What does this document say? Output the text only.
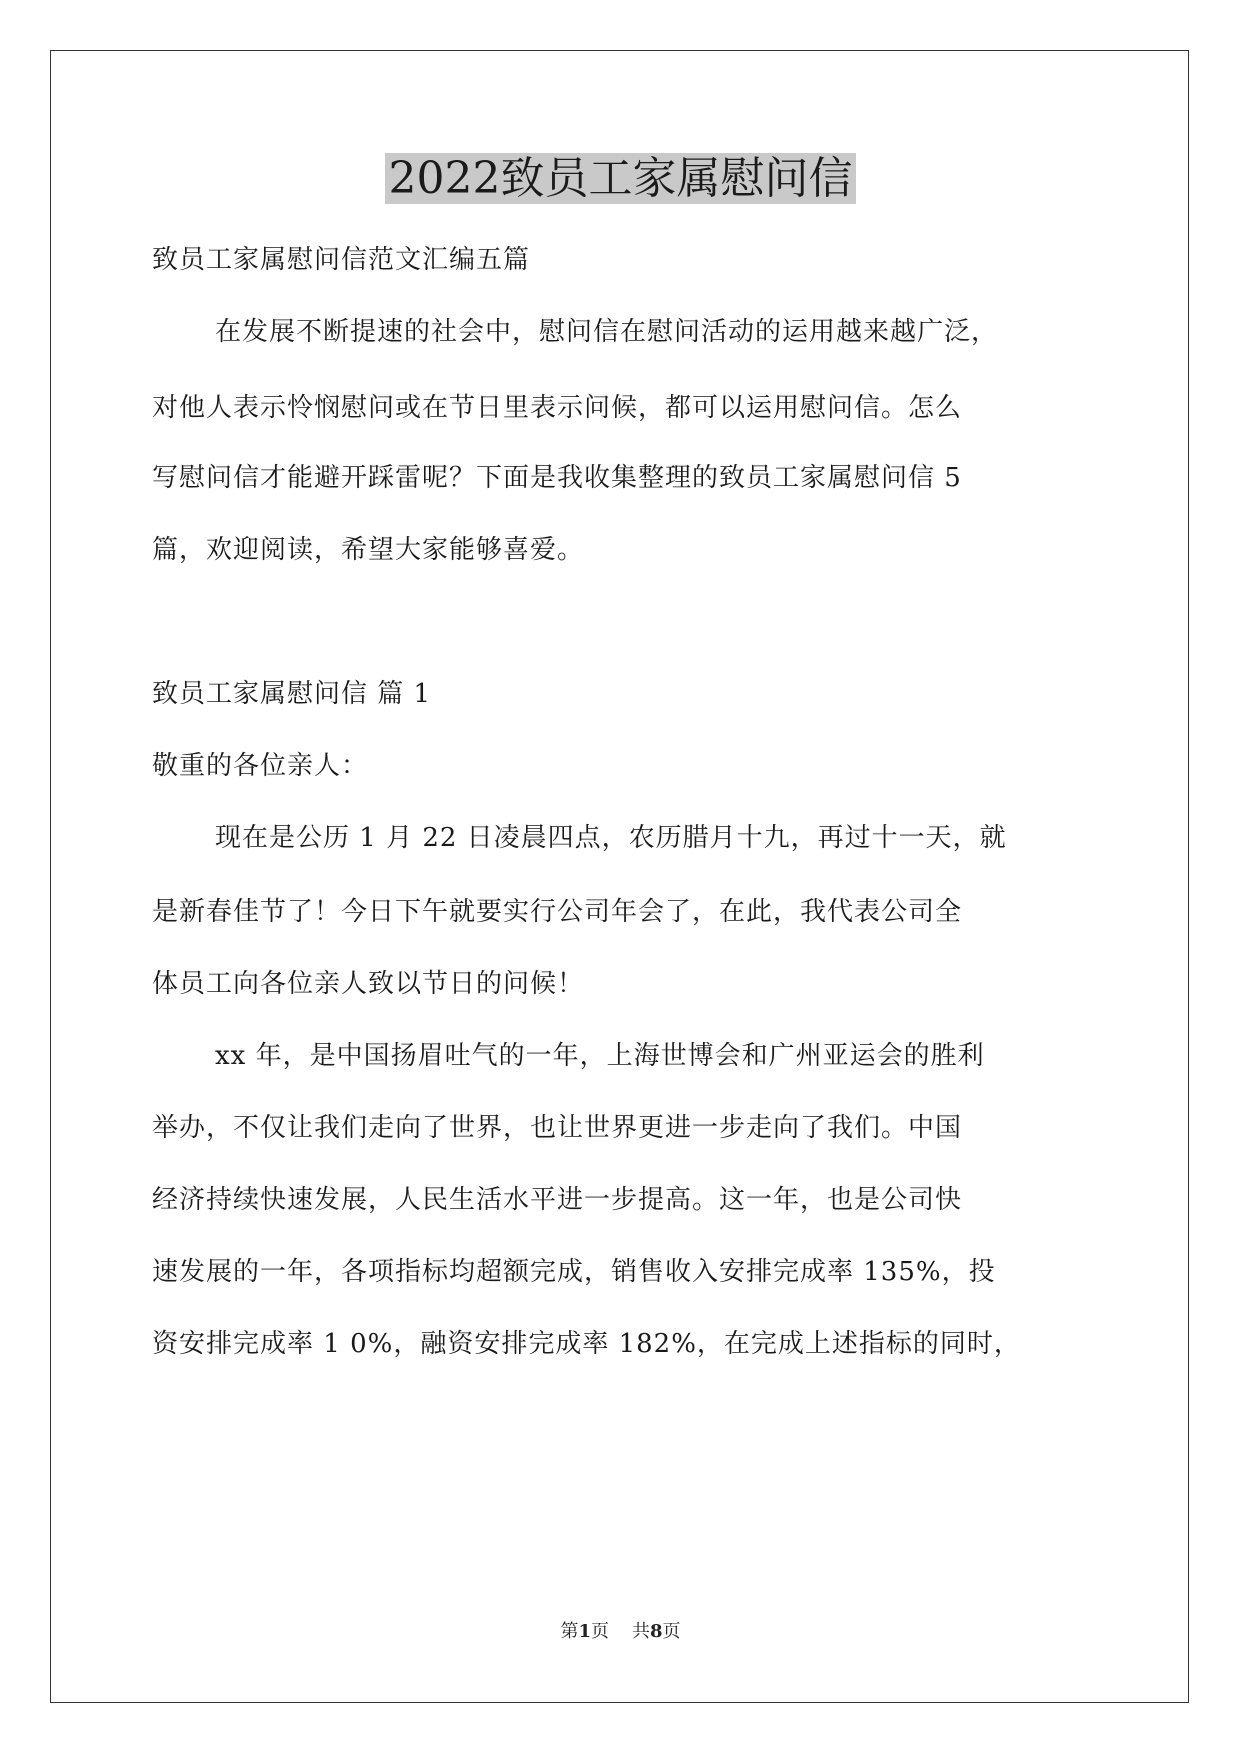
2022致员工家属慰问信
致员工家属慰问信范文汇编五篇
在发展不断提速的社会中，慰问信在慰问活动的运用越来越广泛，
对他人表示怜悯慰问或在节日里表示问候，都可以运用慰问信。怎么
写慰问信才能避开踩雷呢？下面是我收集整理的致员工家属慰问信 5
篇，欢迎阅读，希望大家能够喜爱。
致员工家属慰问信 篇 1
敬重的各位亲人：
现在是公历 1 月 22 日凌晨四点，农历腊月十九，再过十一天，就
是新春佳节了！今日下午就要实行公司年会了，在此，我代表公司全
体员工向各位亲人致以节日的问候！
xx 年，是中国扬眉吐气的一年，上海世博会和广州亚运会的胜利
举办，不仅让我们走向了世界，也让世界更进一步走向了我们。中国
经济持续快速发展，人民生活水平进一步提高。这一年，也是公司快
速发展的一年，各项指标均超额完成，销售收入安排完成率 135%，投
资安排完成率 1 0%，融资安排完成率 182%，在完成上述指标的同时，
第1页 共8页
